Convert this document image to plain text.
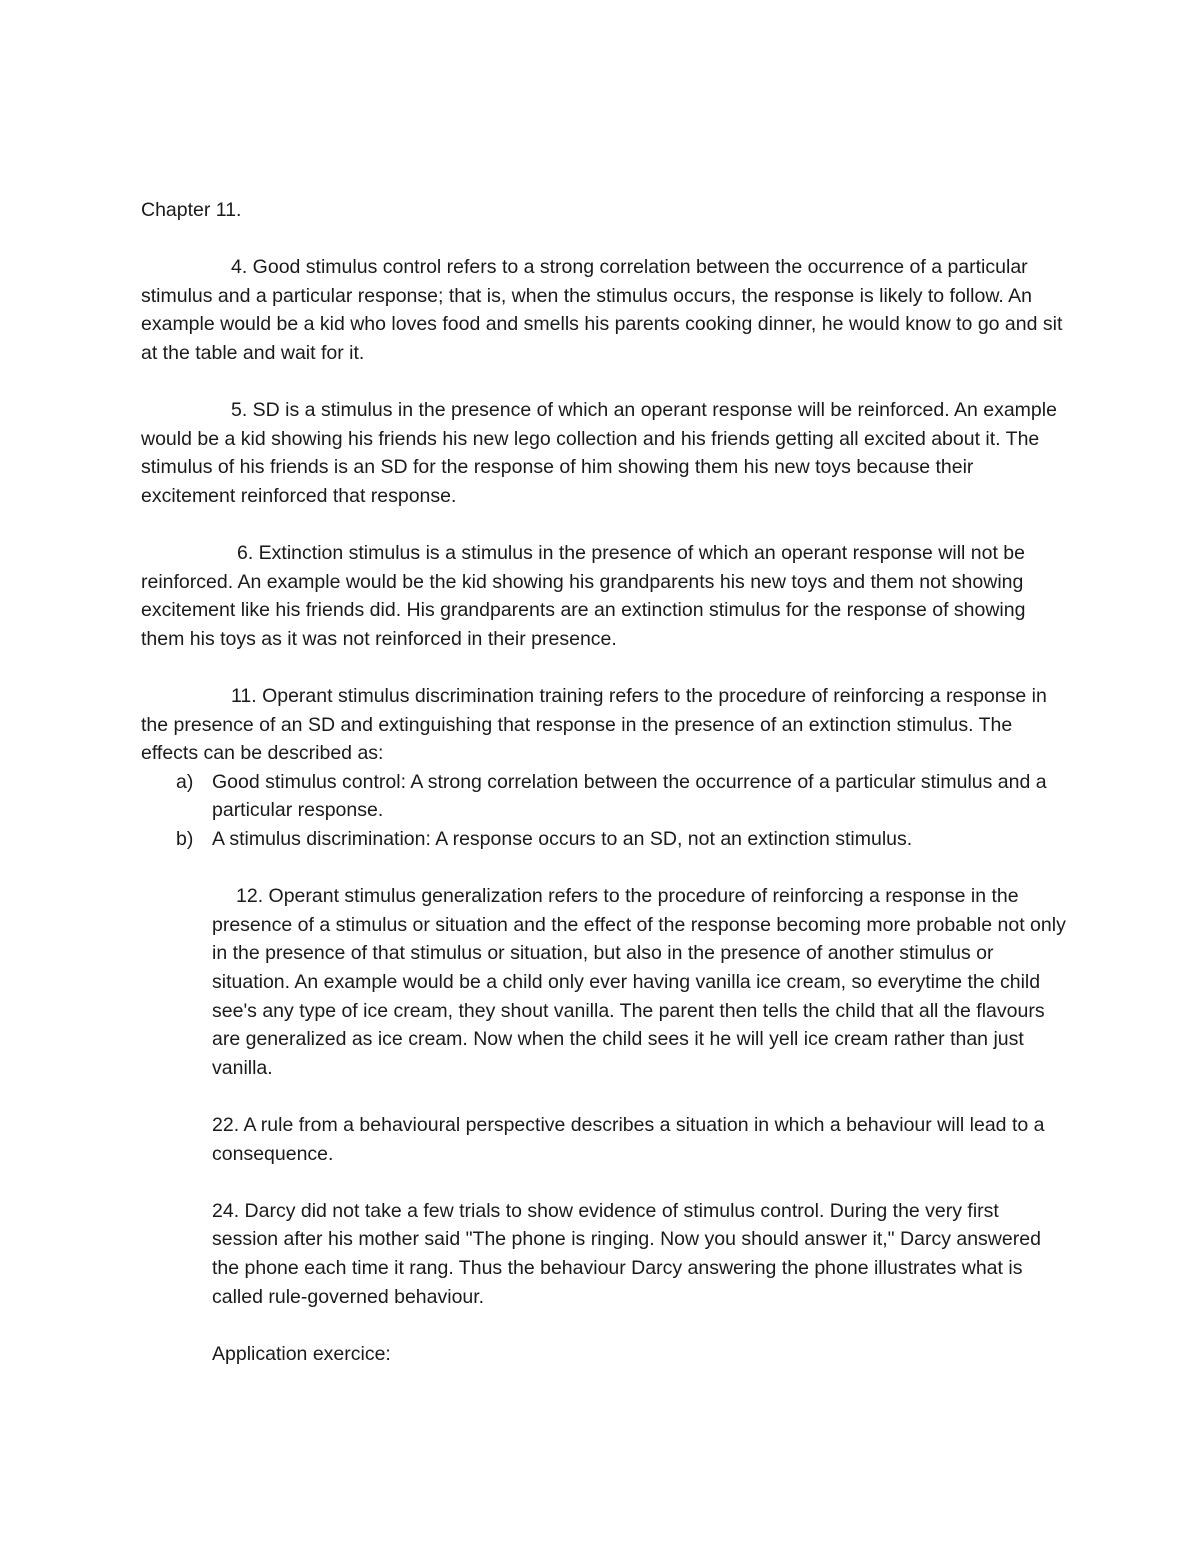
Chapter 11.

4. Good stimulus control refers to a strong correlation between the occurrence of a particular stimulus and a particular response; that is, when the stimulus occurs, the response is likely to follow. An example would be a kid who loves food and smells his parents cooking dinner, he would know to go and sit at the table and wait for it.

5. SD is a stimulus in the presence of which an operant response will be reinforced. An example would be a kid showing his friends his new lego collection and his friends getting all excited about it. The stimulus of his friends is an SD for the response of him showing them his new toys because their excitement reinforced that response.

6. Extinction stimulus is a stimulus in the presence of which an operant response will not be reinforced. An example would be the kid showing his grandparents his new toys and them not showing excitement like his friends did. His grandparents are an extinction stimulus for the response of showing them his toys as it was not reinforced in their presence.

11. Operant stimulus discrimination training refers to the procedure of reinforcing a response in the presence of an SD and extinguishing that response in the presence of an extinction stimulus. The effects can be described as:

a) Good stimulus control: A strong correlation between the occurrence of a particular stimulus and a particular response.
b) A stimulus discrimination: A response occurs to an SD, not an extinction stimulus.

12. Operant stimulus generalization refers to the procedure of reinforcing a response in the presence of a stimulus or situation and the effect of the response becoming more probable not only in the presence of that stimulus or situation, but also in the presence of another stimulus or situation. An example would be a child only ever having vanilla ice cream, so everytime the child see's any type of ice cream, they shout vanilla. The parent then tells the child that all the flavours are generalized as ice cream. Now when the child sees it he will yell ice cream rather than just vanilla.

22. A rule from a behavioural perspective describes a situation in which a behaviour will lead to a consequence.

24. Darcy did not take a few trials to show evidence of stimulus control. During the very first session after his mother said "The phone is ringing. Now you should answer it," Darcy answered the phone each time it rang. Thus the behaviour Darcy answering the phone illustrates what is called rule-governed behaviour.

Application exercice:
